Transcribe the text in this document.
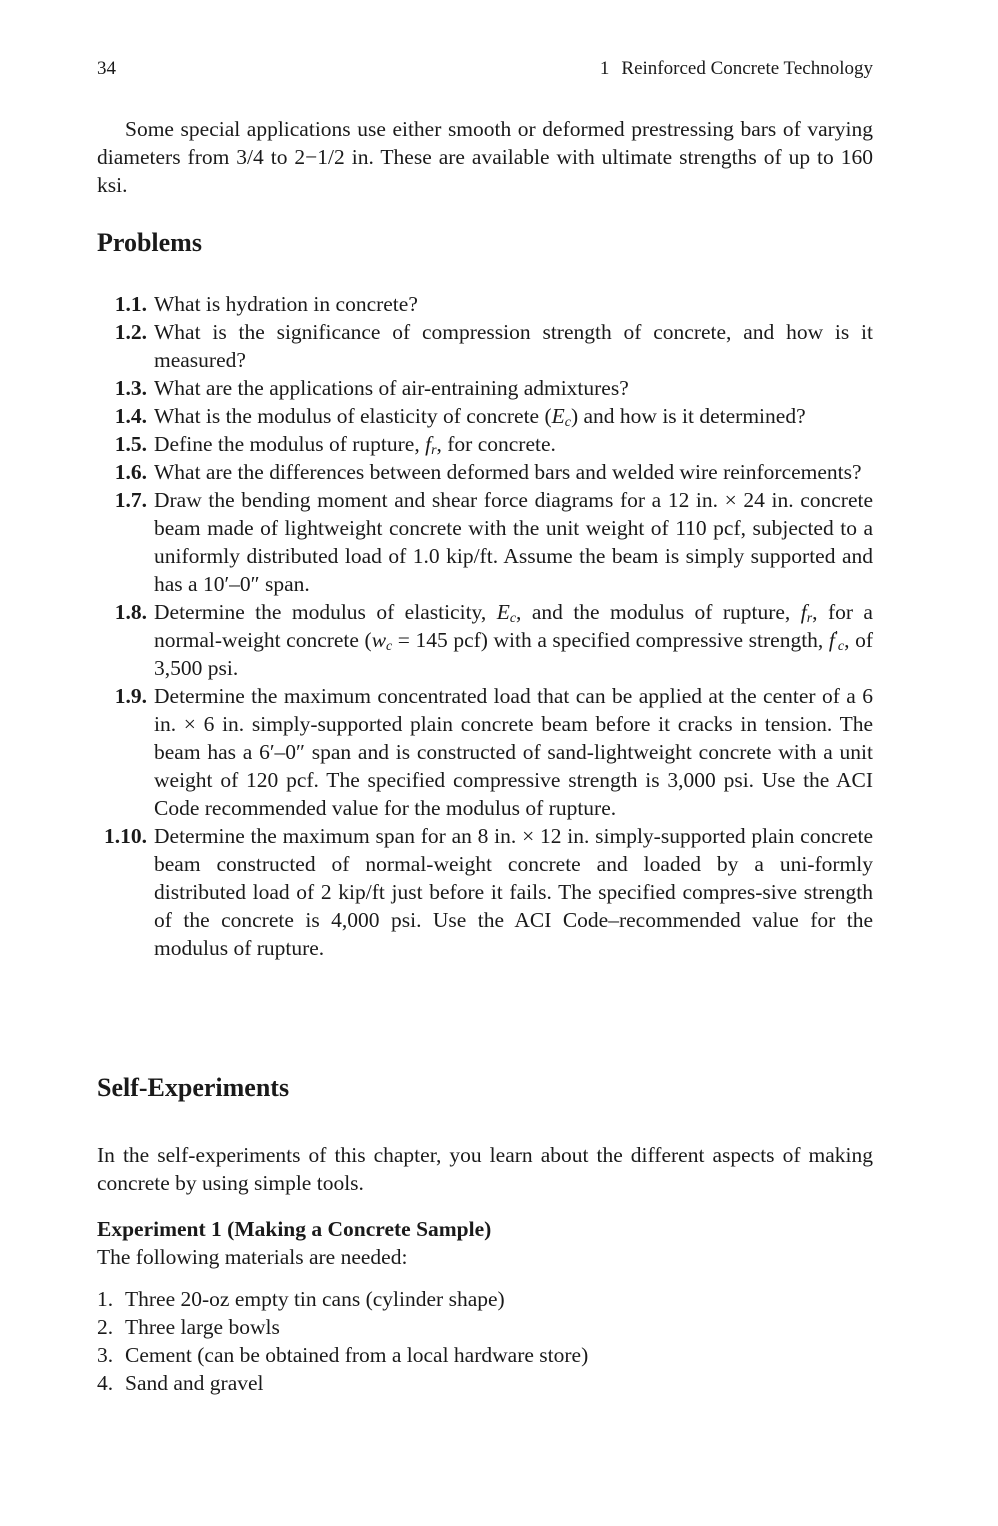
34	1 Reinforced Concrete Technology

Some special applications use either smooth or deformed prestressing bars of varying diameters from 3/4 to 2−1/2 in. These are available with ultimate strengths of up to 160 ksi.

Problems
1.1. What is hydration in concrete?
1.2. What is the significance of compression strength of concrete, and how is it measured?
1.3. What are the applications of air-entraining admixtures?
1.4. What is the modulus of elasticity of concrete $(E_c)$ and how is it determined?
1.5. Define the modulus of rupture, $f_r$, for concrete.
1.6. What are the differences between deformed bars and welded wire reinforcements?
1.7. Draw the bending moment and shear force diagrams for a 12 in. × 24 in. concrete beam made of lightweight concrete with the unit weight of 110 pcf, subjected to a uniformly distributed load of 1.0 kip/ft. Assume the beam is simply supported and has a 10′–0″ span.
1.8. Determine the modulus of elasticity, $E_c$, and the modulus of rupture, $f_r$, for a normal-weight concrete ($w_c = 145$ pcf) with a specified compressive strength, $f'_c$, of 3,500 psi.
1.9. Determine the maximum concentrated load that can be applied at the center of a 6 in. × 6 in. simply-supported plain concrete beam before it cracks in tension. The beam has a 6′–0″ span and is constructed of sand-lightweight concrete with a unit weight of 120 pcf. The specified compressive strength is 3,000 psi. Use the ACI Code recommended value for the modulus of rupture.
1.10. Determine the maximum span for an 8 in. × 12 in. simply-supported plain concrete beam constructed of normal-weight concrete and loaded by a uni-formly distributed load of 2 kip/ft just before it fails. The specified compres-sive strength of the concrete is 4,000 psi. Use the ACI Code–recommended value for the modulus of rupture.
Self-Experiments

In the self-experiments of this chapter, you learn about the different aspects of making concrete by using simple tools.

Experiment 1 (Making a Concrete Sample)

The following materials are needed:

1. Three 20-oz empty tin cans (cylinder shape)
2. Three large bowls
3. Cement (can be obtained from a local hardware store)
4. Sand and gravel
